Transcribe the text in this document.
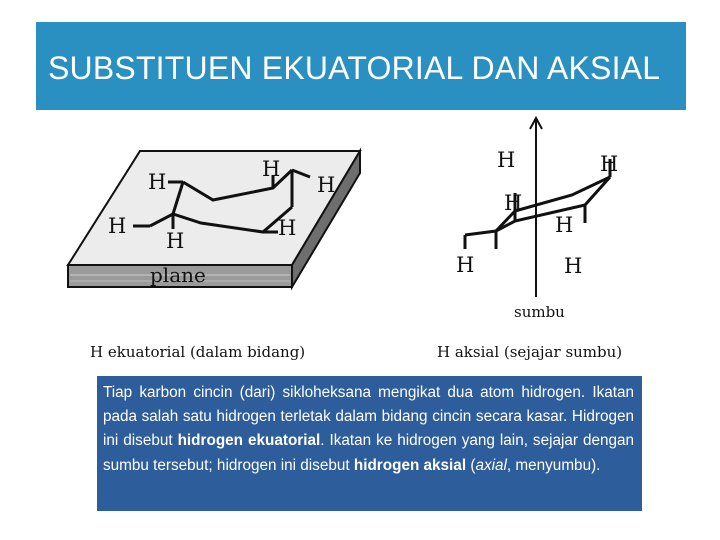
SUBSTITUEN EKUATORIAL DAN AKSIAL
H
H
H
H
H
H
plane
H	H
H
H
H	H
sumbu
H ekuatorial (dalam bidang)	H aksial (sejajar sumbu)

Tiap karbon cincin (dari) sikloheksana mengikat dua atom hidrogen. Ikatan pada salah satu hidrogen terletak dalam bidang cincin secara kasar. Hidrogen ini disebut hidrogen ekuatorial. Ikatan ke hidrogen yang lain, sejajar dengan sumbu tersebut; hidrogen ini disebut hidrogen aksial (axial, menyumbu).
